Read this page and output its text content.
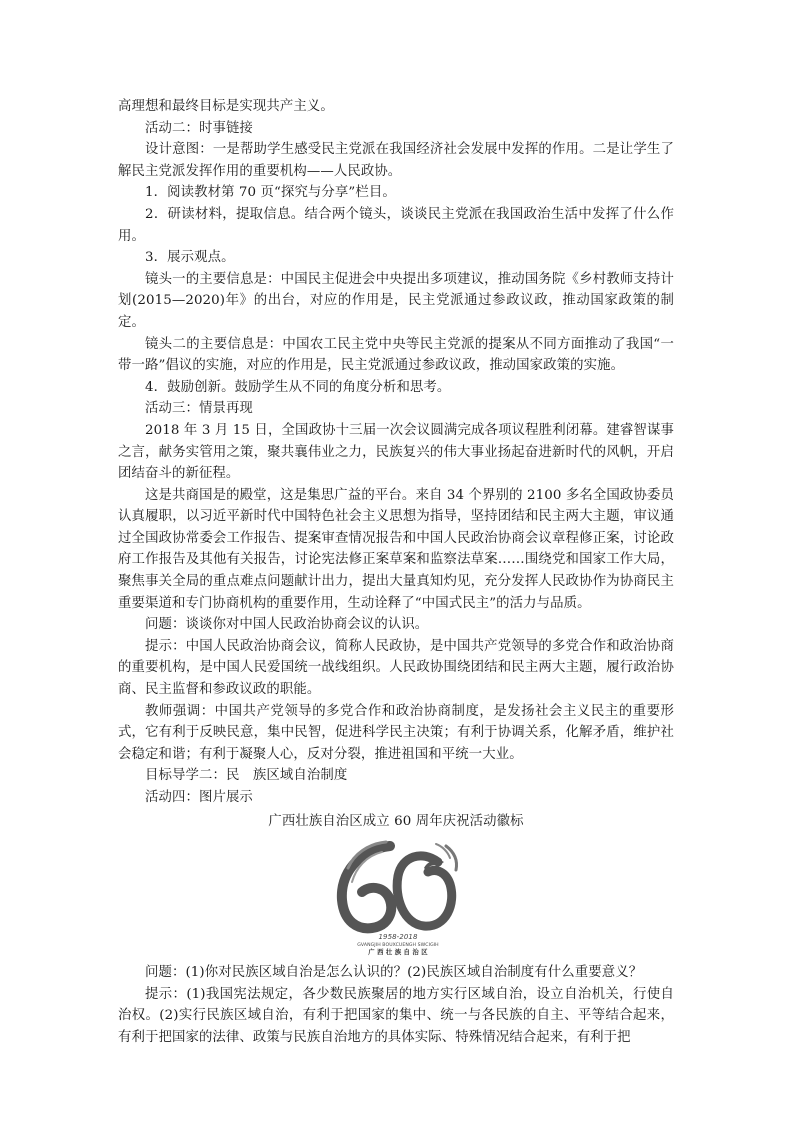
高理想和最终目标是实现共产主义。

活动二：时事链接

设计意图：一是帮助学生感受民主党派在我国经济社会发展中发挥的作用。二是让学生了解民主党派发挥作用的重要机构——人民政协。

1．阅读教材第 70 页“探究与分享”栏目。

2．研读材料，提取信息。结合两个镜头，谈谈民主党派在我国政治生活中发挥了什么作用。

3．展示观点。

镜头一的主要信息是：中国民主促进会中央提出多项建议，推动国务院《乡村教师支持计划(2015—2020)年》的出台，对应的作用是，民主党派通过参政议政，推动国家政策的制定。

镜头二的主要信息是：中国农工民主党中央等民主党派的提案从不同方面推动了我国“一带一路”倡议的实施，对应的作用是，民主党派通过参政议政，推动国家政策的实施。

4．鼓励创新。鼓励学生从不同的角度分析和思考。

活动三：情景再现

2018 年 3 月 15 日，全国政协十三届一次会议圆满完成各项议程胜利闭幕。建睿智谋事之言，献务实管用之策，聚共襄伟业之力，民族复兴的伟大事业扬起奋进新时代的风帆，开启团结奋斗的新征程。

这是共商国是的殿堂，这是集思广益的平台。来自 34 个界别的 2100 多名全国政协委员认真履职，以习近平新时代中国特色社会主义思想为指导，坚持团结和民主两大主题，审议通过全国政协常委会工作报告、提案审查情况报告和中国人民政治协商会议章程修正案，讨论政府工作报告及其他有关报告，讨论宪法修正案草案和监察法草案……围绕党和国家工作大局，聚焦事关全局的重点难点问题献计出力，提出大量真知灼见，充分发挥人民政协作为协商民主重要渠道和专门协商机构的重要作用，生动诠释了“中国式民主”的活力与品质。

问题：谈谈你对中国人民政治协商会议的认识。

提示：中国人民政治协商会议，简称人民政协，是中国共产党领导的多党合作和政治协商的重要机构，是中国人民爱国统一战线组织。人民政协围绕团结和民主两大主题，履行政治协商、民主监督和参政议政的职能。

教师强调：中国共产党领导的多党合作和政治协商制度，是发扬社会主义民主的重要形式，它有利于反映民意，集中民智，促进科学民主决策；有利于协调关系，化解矛盾，维护社会稳定和谐；有利于凝聚人心，反对分裂，推进祖国和平统一大业。

目标导学二：民　族区域自治制度

活动四：图片展示

广西壮族自治区成立 60 周年庆祝活动徽标

1958-2018
GVANGJIH BOUXCUENGH SWCIGIH
广 西 壮 族 自 治 区

问题：(1)你对民族区域自治是怎么认识的？(2)民族区域自治制度有什么重要意义？

提示：(1)我国宪法规定，各少数民族聚居的地方实行区域自治，设立自治机关，行使自治权。(2)实行民族区域自治，有利于把国家的集中、统一与各民族的自主、平等结合起来，有利于把国家的法律、政策与民族自治地方的具体实际、特殊情况结合起来，有利于把
